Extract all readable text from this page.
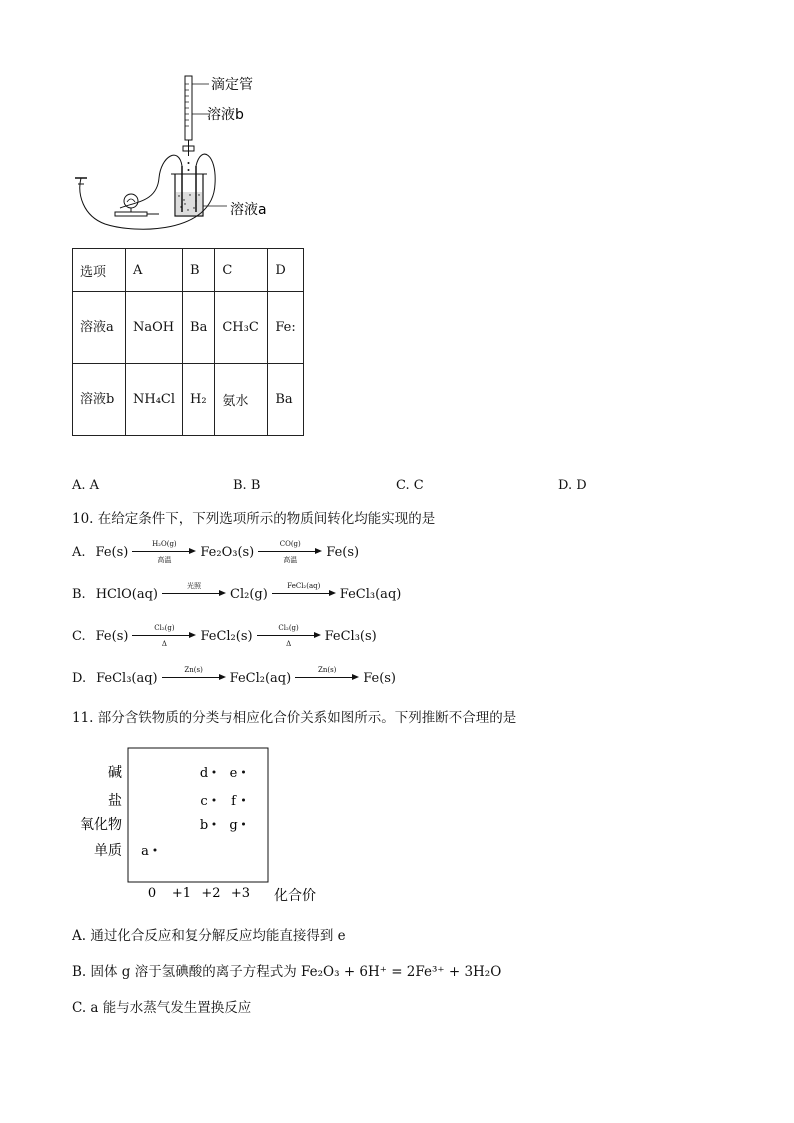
滴定管
溶液b
溶液a
选项	A	B	C	D
溶液a	NaOH	Ba	CH₃C	Fe:
溶液b	NH₄Cl	H₂	氨水	Ba
A. A	B. B	C. C	D. D
10. 在给定条件下，下列选项所示的物质间转化均能实现的是
A. Fe(s)
H₂O(g)
高温
Fe₂O₃(s)
CO(g)
高温
Fe(s)
B. HClO(aq)
光照

Cl₂(g)
FeCl₂(aq)

FeCl₃(aq)
C. Fe(s)
Cl₂(g)
Δ
FeCl₂(s)
Cl₂(g)
Δ
FeCl₃(s)
D. FeCl₃(aq)
Zn(s)

FeCl₂(aq)
Zn(s)

Fe(s)
11. 部分含铁物质的分类与相应化合价关系如图所示。下列推断不合理的是
0 +1 +2 +3 化合价
单质
氧化物
盐
碱
a
b
c
d e
f
g
A. 通过化合反应和复分解反应均能直接得到 e
B. 固体 g 溶于氢碘酸的离子方程式为 Fe₂O₃ + 6H⁺ = 2Fe³⁺ + 3H₂O
C. a 能与水蒸气发生置换反应
